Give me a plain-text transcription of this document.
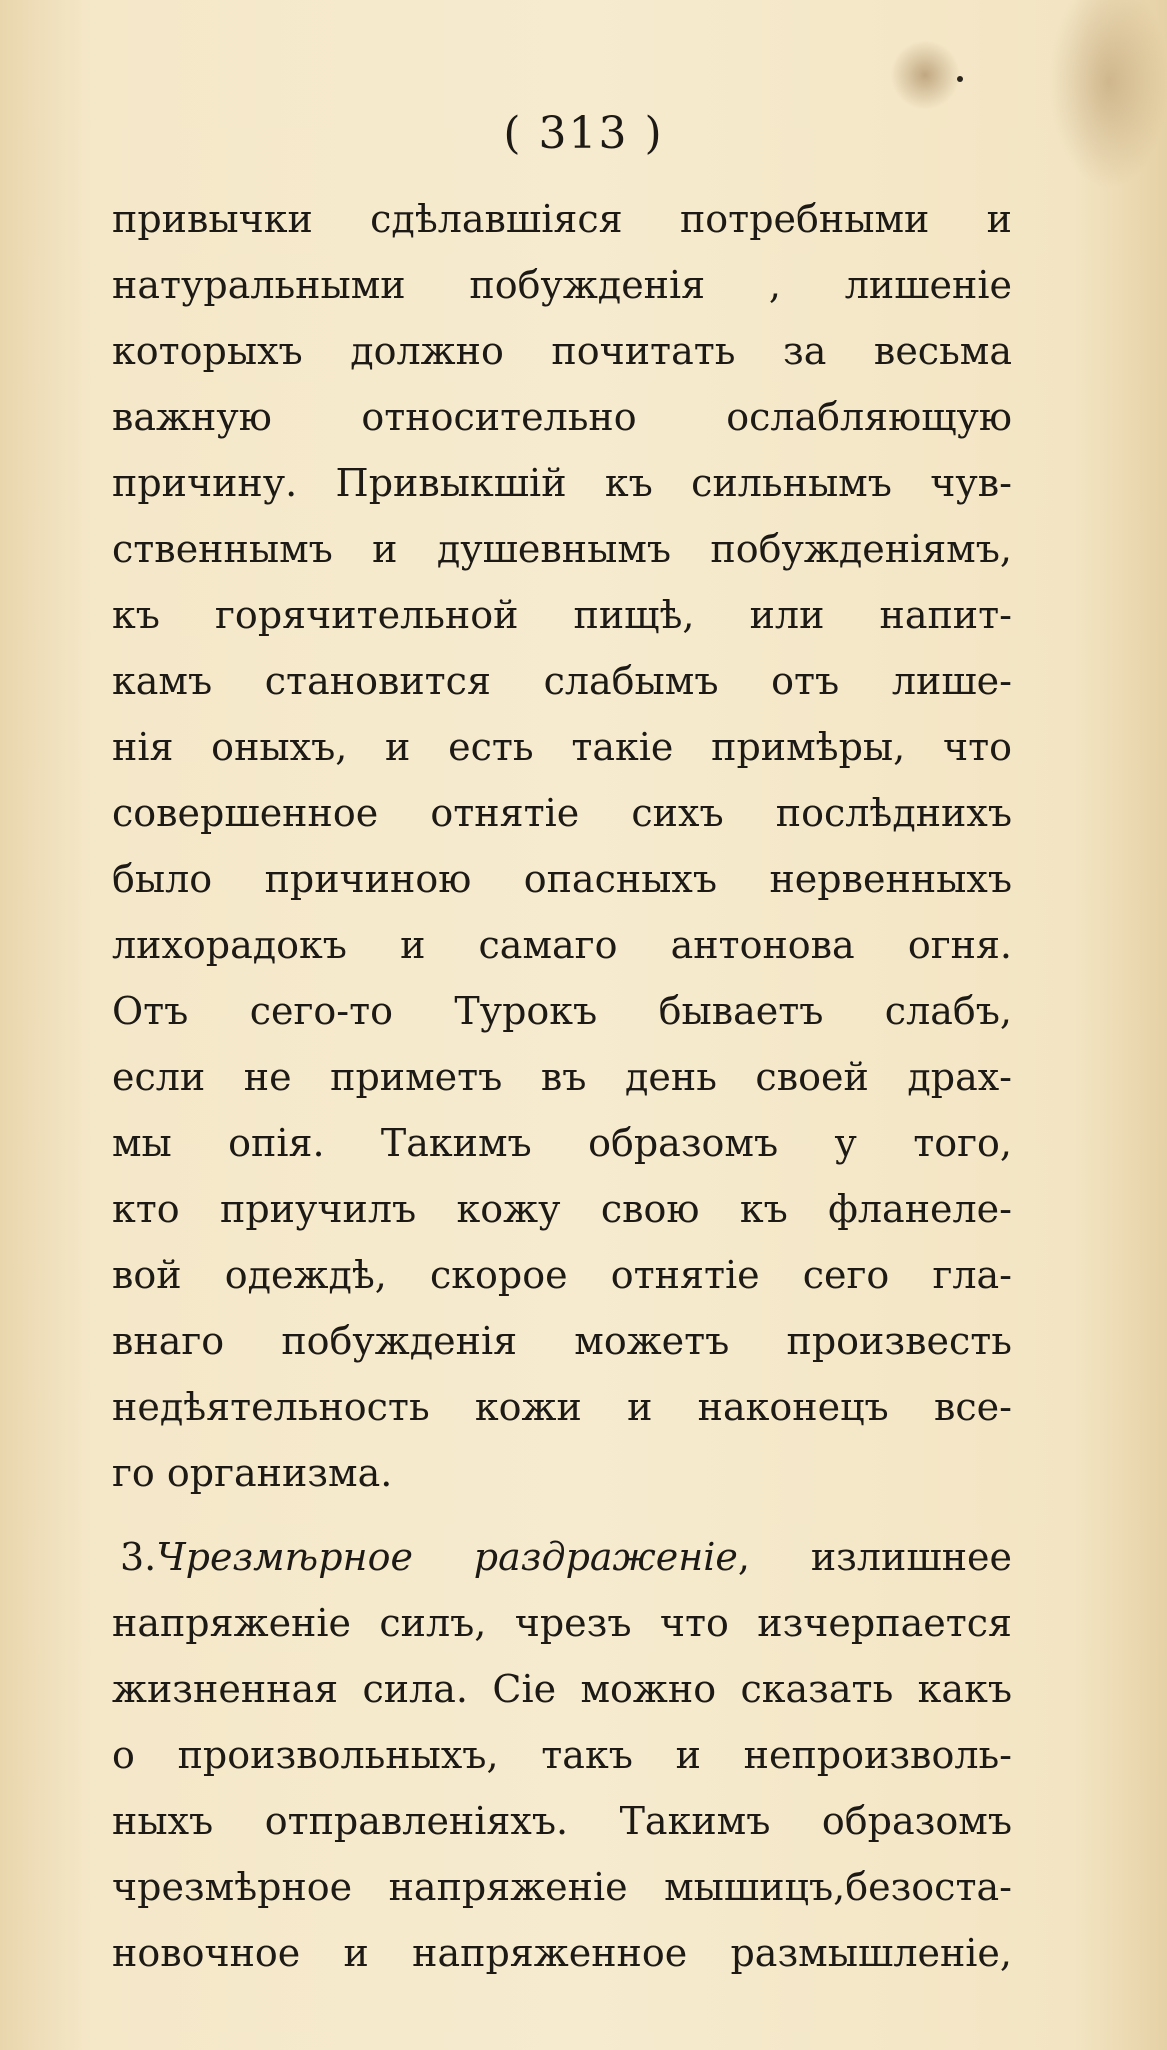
( 313 )
привычки сдѣлавшiяся потребными и
натуральными побужденiя , лишенiе
которыхъ должно почитать за весьма
важную относительно ослабляющую
причину. Привыкшiй къ сильнымъ чув-
ственнымъ и душевнымъ побужденiямъ,
къ горячительной пищѣ, или напит-
камъ становится слабымъ отъ лише-
нiя оныхъ, и есть такiе примѣры, что
совершенное отнятiе сихъ послѣднихъ
было причиною опасныхъ нервенныхъ
лихорадокъ и самаго антонова огня.
Отъ сего-то Турокъ бываетъ слабъ,
если не приметъ въ день своей драх-
мы опiя. Такимъ образомъ у того,
кто приучилъ кожу свою къ фланеле-
вой одеждѣ, скорое отнятiе сего гла-
внаго побужденiя можетъ произвесть
недѣятельность кожи и наконецъ все-
го организма.
3.Чрезмѣрное раздраженiе, излишнее
напряженiе силъ, чрезъ что изчерпается
жизненная сила. Сiе можно сказать какъ
о произвольныхъ, такъ и непроизволь-
ныхъ отправленiяхъ. Такимъ образомъ
чрезмѣрное напряженiе мышицъ,безоста-
новочное и напряженное размышленiе,
